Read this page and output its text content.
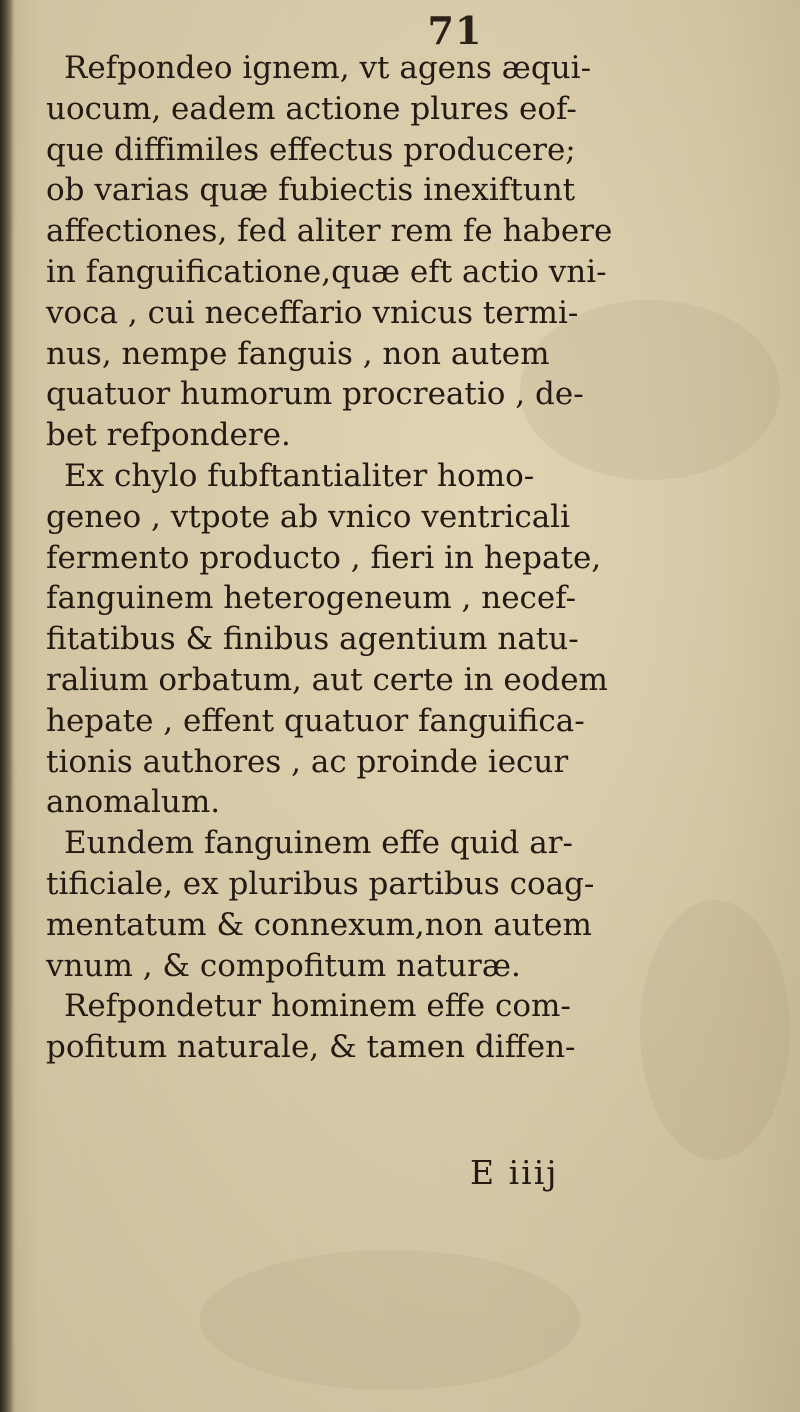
71
Refpondeo ignem, vt agens æqui-
uocum, eadem actione plures eof-
que diffimiles effectus producere;
ob varias quæ fubiectis inexiftunt
affectiones, fed aliter rem fe habere
in fanguificatione,quæ eft actio vni-
voca , cui neceffario vnicus termi-
nus, nempe fanguis , non autem
quatuor humorum procreatio , de-
bet refpondere.
Ex chylo fubftantialiter homo-
geneo , vtpote ab vnico ventricali
fermento producto , fieri in hepate,
fanguinem heterogeneum , necef-
fitatibus & finibus agentium natu-
ralium orbatum, aut certe in eodem
hepate , effent quatuor fanguifica-
tionis authores , ac proinde iecur
anomalum.
Eundem fanguinem effe quid ar-
tificiale, ex pluribus partibus coag-
mentatum & connexum,non autem
vnum , & compofitum naturæ.
Refpondetur hominem effe com-
pofitum naturale, & tamen diffen-
E iiij
